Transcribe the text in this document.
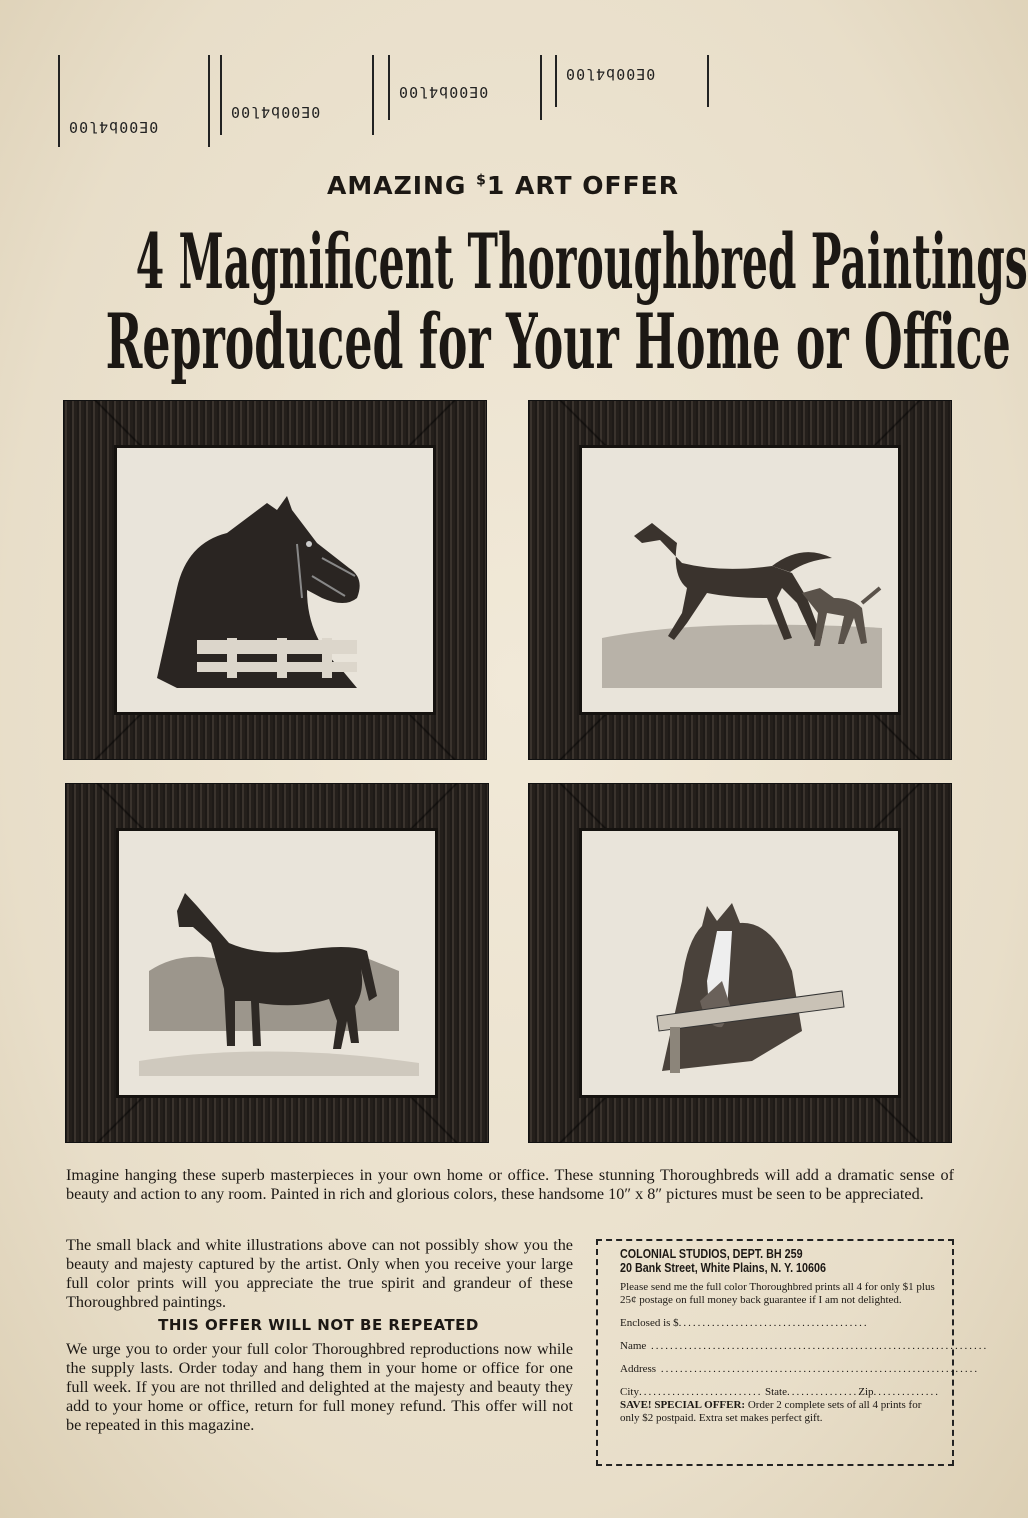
0E00b4l00
0E00b4l00
0E00b4l00
0E00b4l00
AMAZING $1 ART OFFER
4 Magnificent Thoroughbred Paintings
Reproduced for Your Home or Office
Imagine hanging these superb masterpieces in your own home or office. These stunning Thoroughbreds will add a dramatic sense of beauty and action to any room. Painted in rich and glorious colors, these handsome 10″ x 8″ pictures must be seen to be appreciated.
The small black and white illustrations above can not possibly show you the beauty and majesty captured by the artist. Only when you receive your large full color prints will you appreciate the true spirit and grandeur of these Thoroughbred paintings.
THIS OFFER WILL NOT BE REPEATED
We urge you to order your full color Thoroughbred reproductions now while the supply lasts. Order today and hang them in your home or office for one full week. If you are not thrilled and delighted at the majesty and beauty they add to your home or office, return for full money refund. This offer will not be repeated in this magazine.
COLONIAL STUDIOS, DEPT. BH 259
20 Bank Street, White Plains, N. Y. 10606
Please send me the full color Thoroughbred prints all 4 for only $1 plus 25¢ postage on full money back guarantee if I am not delighted.
Enclosed is $ ........................................
Name .......................................................................
Address ...................................................................
City .......................... State ............... Zip ..............
SAVE! SPECIAL OFFER: Order 2 complete sets of all 4 prints for only $2 postpaid. Extra set makes perfect gift.
